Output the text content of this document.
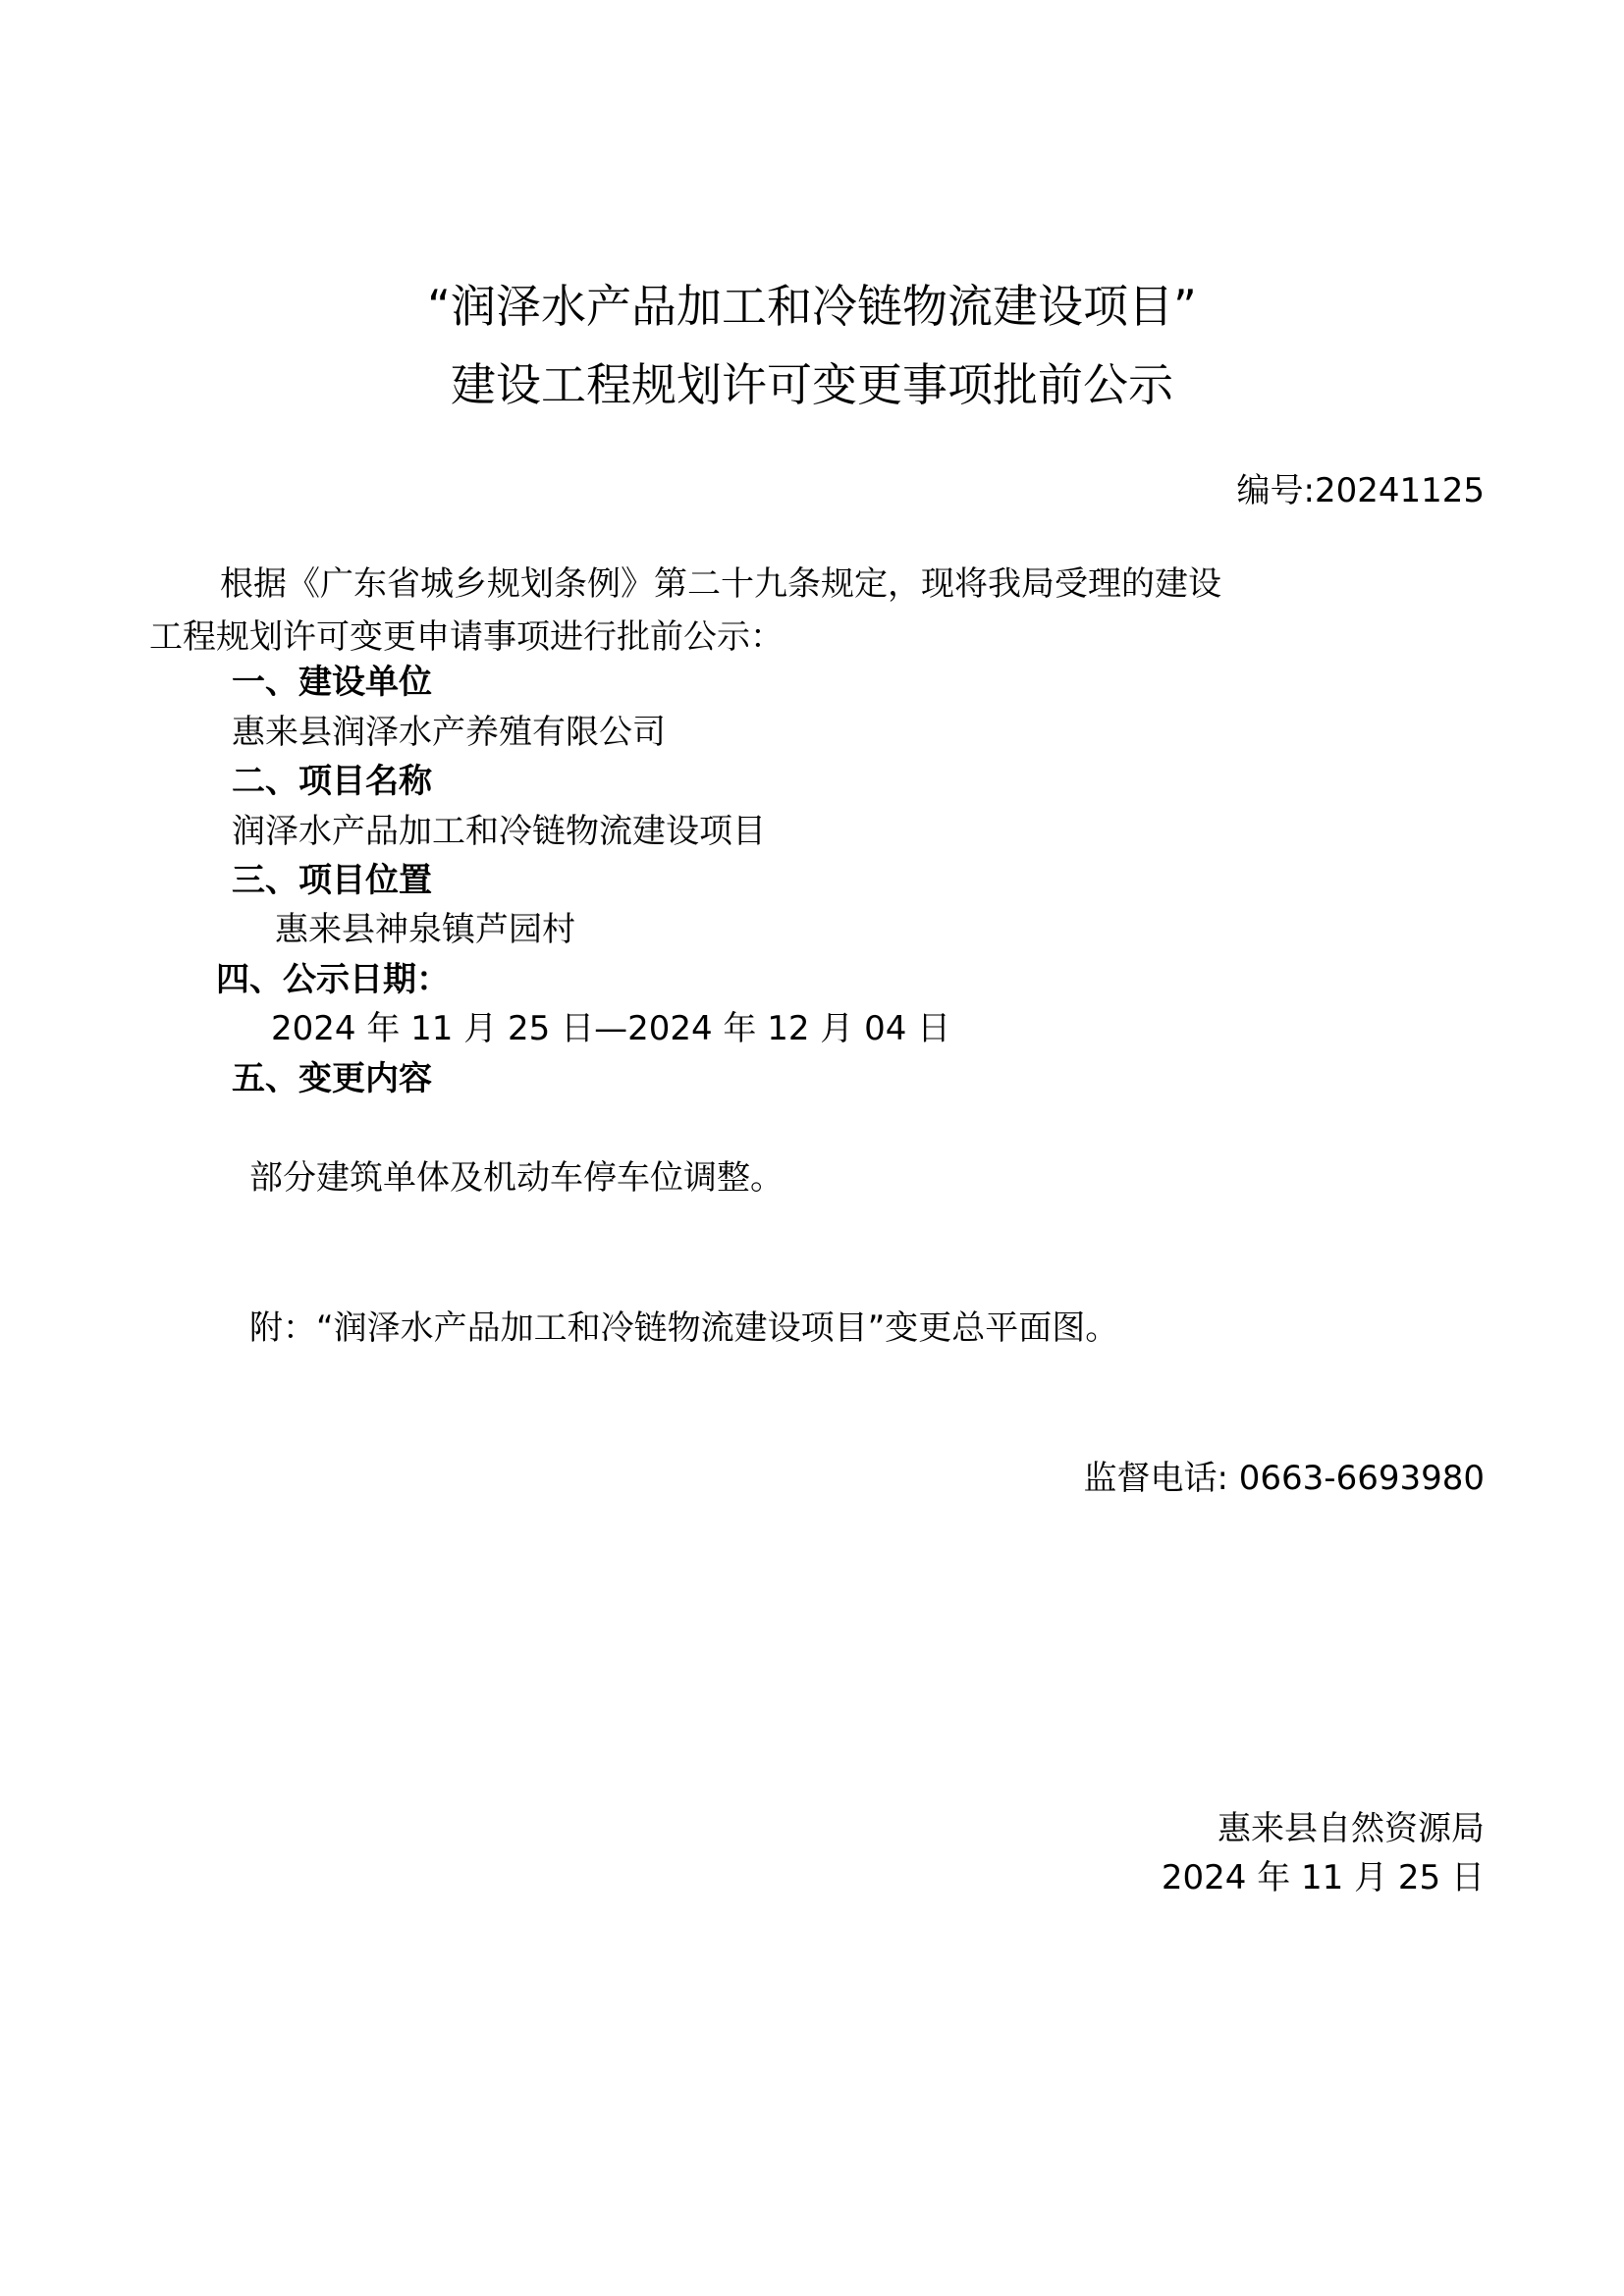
“润泽水产品加工和冷链物流建设项目”

建设工程规划许可变更事项批前公示

编号:20241125

根据《广东省城乡规划条例》第二十九条规定，现将我局受理的建设

工程规划许可变更申请事项进行批前公示：

一、建设单位

惠来县润泽水产养殖有限公司

二、项目名称

润泽水产品加工和冷链物流建设项目

三、项目位置

惠来县神泉镇芦园村

四、公示日期：

2024 年 11 月 25 日—2024 年 12 月 04 日

五、变更内容

部分建筑单体及机动车停车位调整。

附：“润泽水产品加工和冷链物流建设项目”变更总平面图。

监督电话: 0663-6693980

惠来县自然资源局

2024 年 11 月 25 日
